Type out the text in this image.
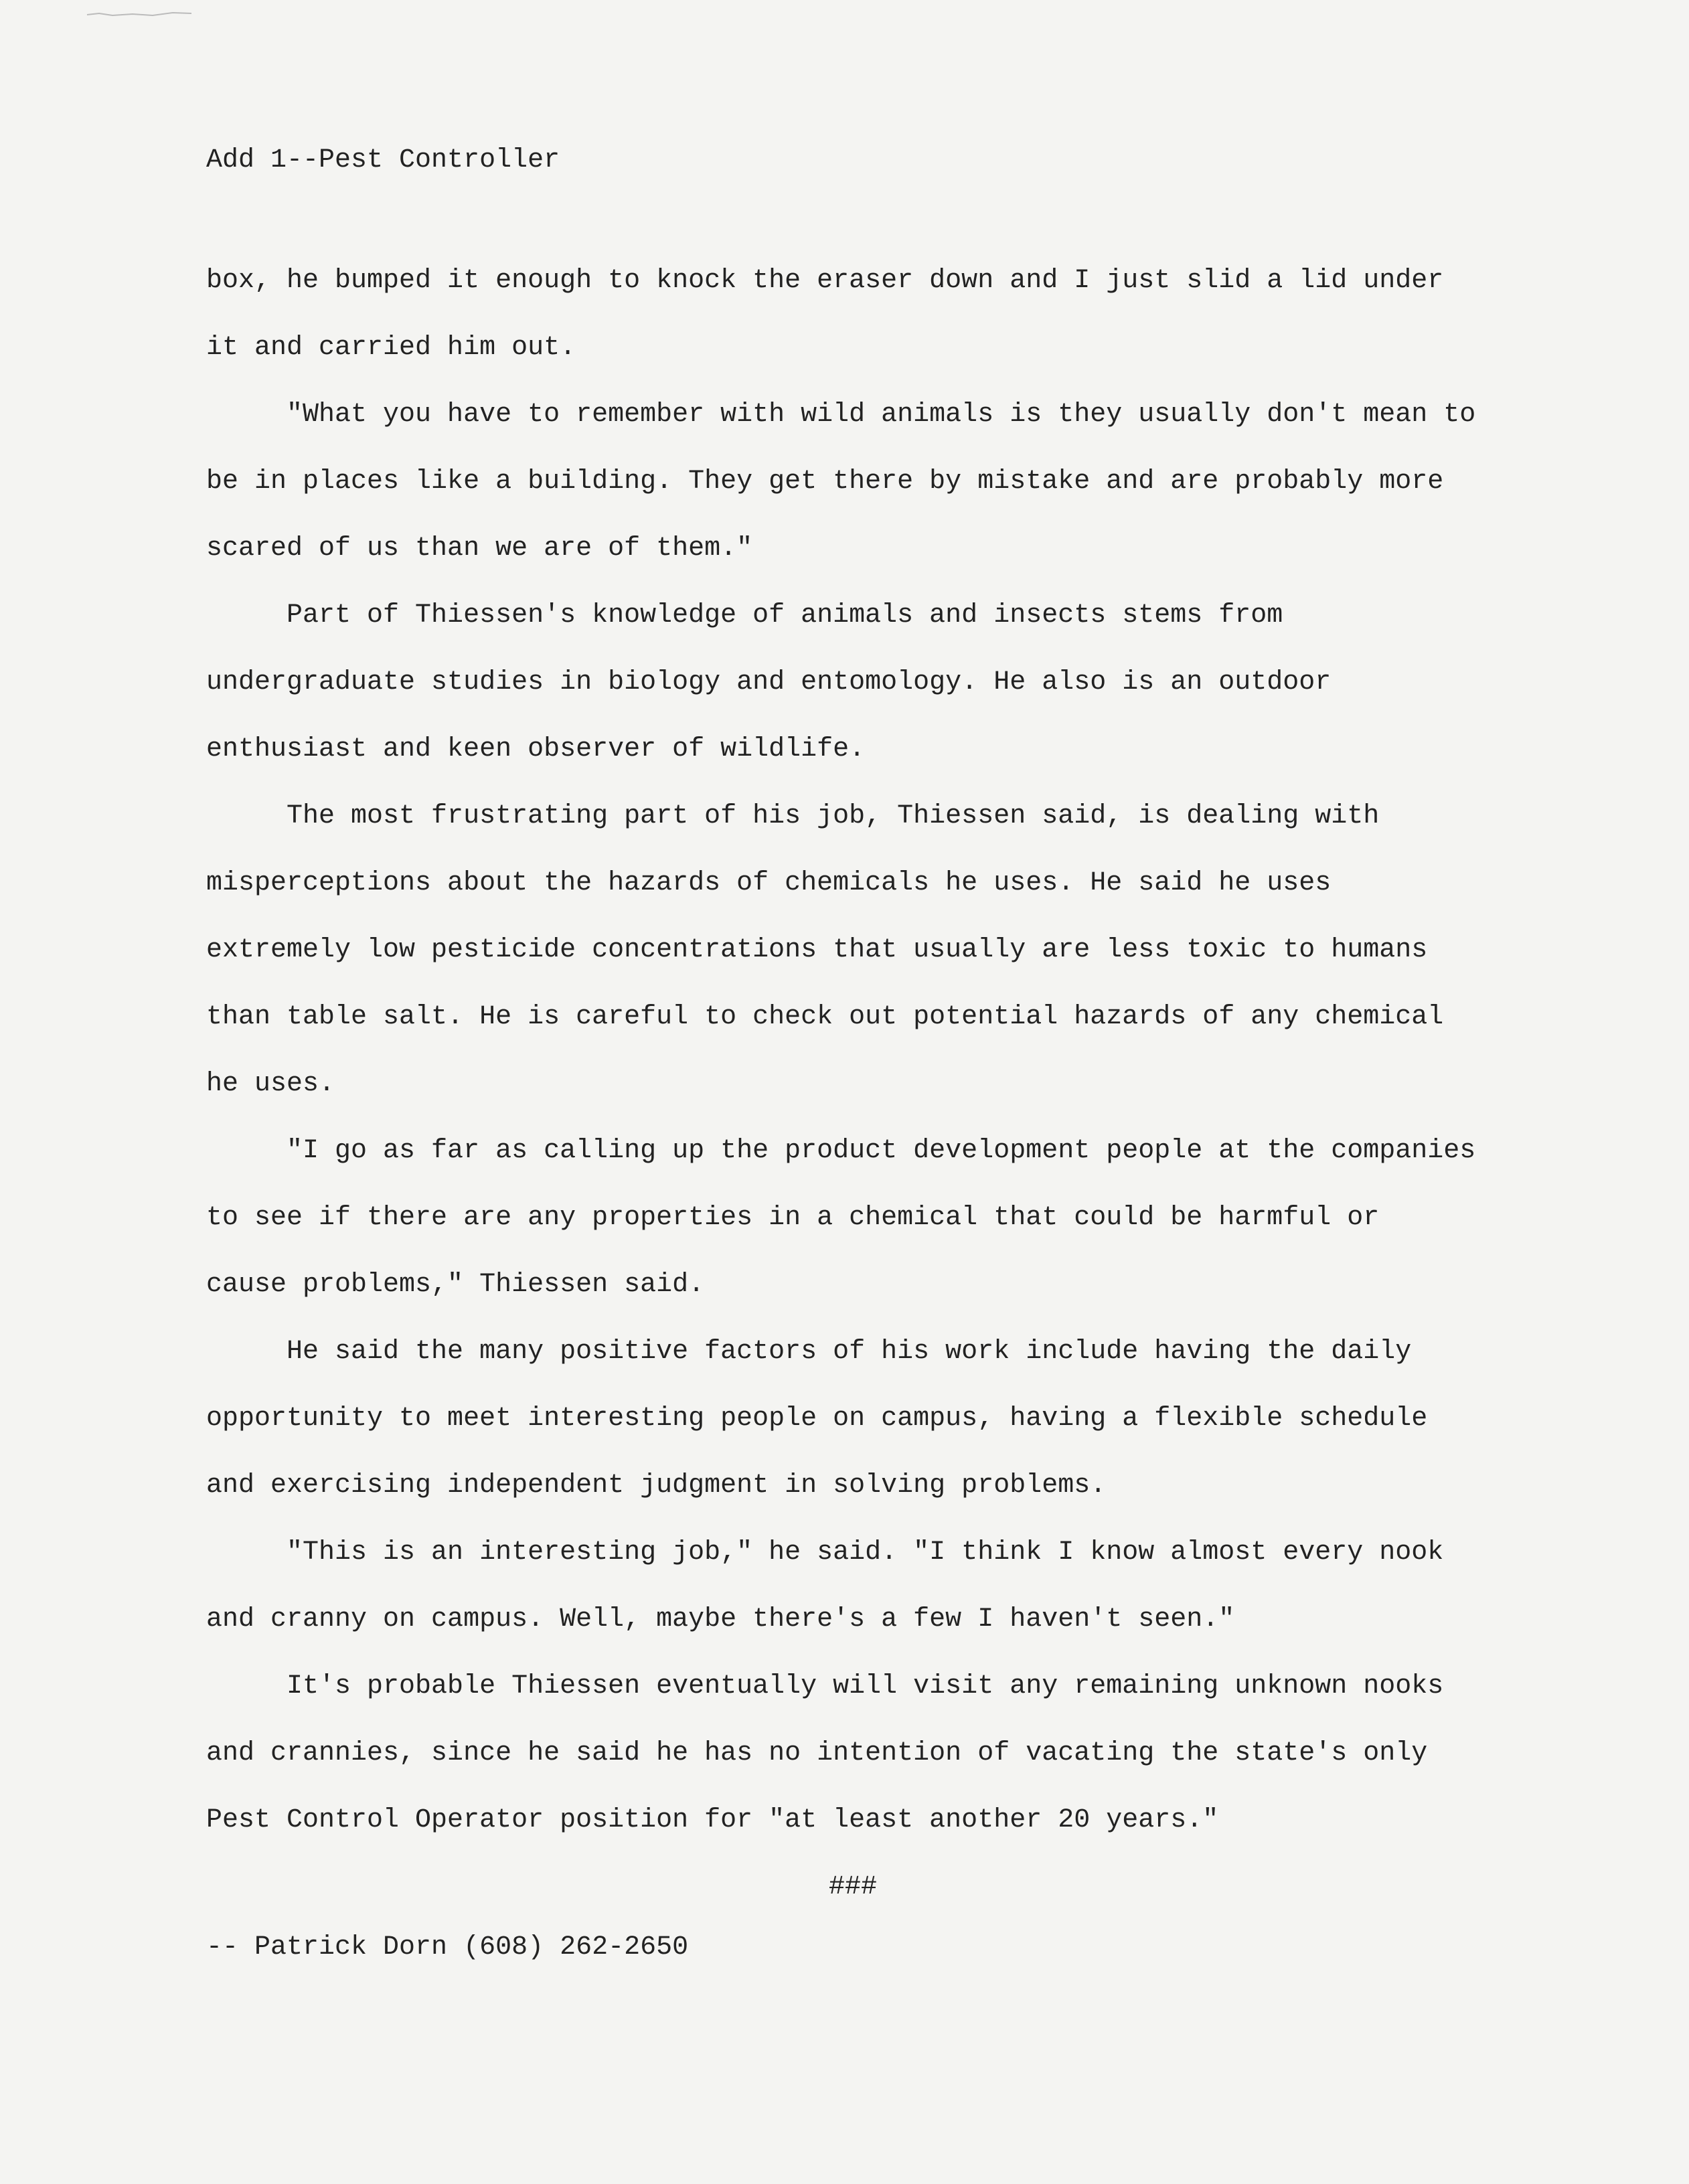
Add 1--Pest Controller
box, he bumped it enough to knock the eraser down and I just slid a lid under
it and carried him out.
"What you have to remember with wild animals is they usually don't mean to
be in places like a building. They get there by mistake and are probably more
scared of us than we are of them."
Part of Thiessen's knowledge of animals and insects stems from
undergraduate studies in biology and entomology. He also is an outdoor
enthusiast and keen observer of wildlife.
The most frustrating part of his job, Thiessen said, is dealing with
misperceptions about the hazards of chemicals he uses. He said he uses
extremely low pesticide concentrations that usually are less toxic to humans
than table salt. He is careful to check out potential hazards of any chemical
he uses.
"I go as far as calling up the product development people at the companies
to see if there are any properties in a chemical that could be harmful or
cause problems," Thiessen said.
He said the many positive factors of his work include having the daily
opportunity to meet interesting people on campus, having a flexible schedule
and exercising independent judgment in solving problems.
"This is an interesting job," he said. "I think I know almost every nook
and cranny on campus. Well, maybe there's a few I haven't seen."
It's probable Thiessen eventually will visit any remaining unknown nooks
and crannies, since he said he has no intention of vacating the state's only
Pest Control Operator position for "at least another 20 years."
###
-- Patrick Dorn (608) 262-2650
